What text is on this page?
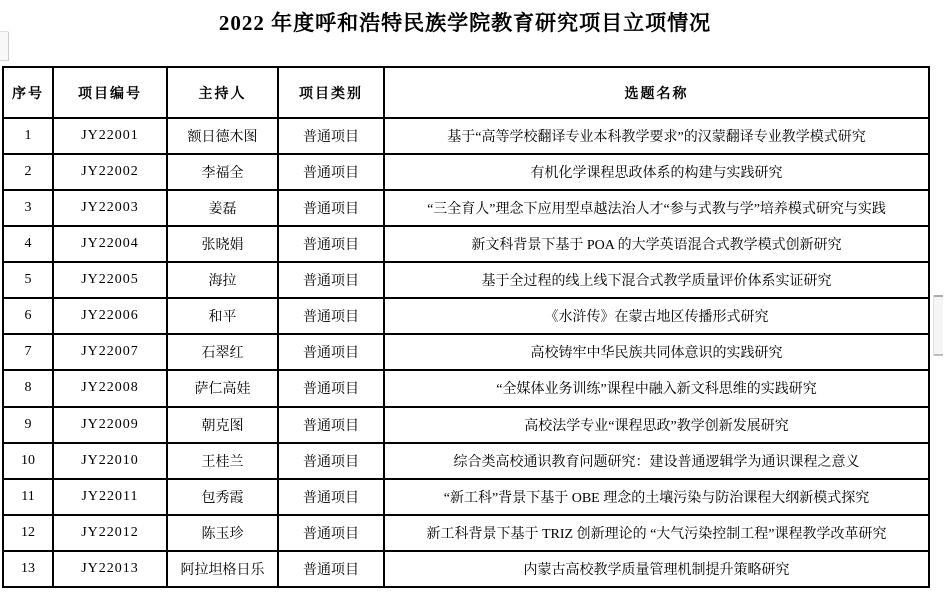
2022 年度呼和浩特民族学院教育研究项目立项情况
序号	项目编号	主持人	项目类别	选题名称
1	JY22001	额日德木图	普通项目	基于“高等学校翻译专业本科教学要求”的汉蒙翻译专业教学模式研究
2	JY22002	李福全	普通项目	有机化学课程思政体系的构建与实践研究
3	JY22003	姜磊	普通项目	“三全育人”理念下应用型卓越法治人才“参与式教与学”培养模式研究与实践
4	JY22004	张晓娟	普通项目	新文科背景下基于 POA 的大学英语混合式教学模式创新研究
5	JY22005	海拉	普通项目	基于全过程的线上线下混合式教学质量评价体系实证研究
6	JY22006	和平	普通项目	《水浒传》在蒙古地区传播形式研究
7	JY22007	石翠红	普通项目	高校铸牢中华民族共同体意识的实践研究
8	JY22008	萨仁高娃	普通项目	“全媒体业务训练”课程中融入新文科思维的实践研究
9	JY22009	朝克图	普通项目	高校法学专业“课程思政”教学创新发展研究
10	JY22010	王桂兰	普通项目	综合类高校通识教育问题研究：建设普通逻辑学为通识课程之意义
11	JY22011	包秀霞	普通项目	“新工科”背景下基于 OBE 理念的土壤污染与防治课程大纲新模式探究
12	JY22012	陈玉珍	普通项目	新工科背景下基于 TRIZ 创新理论的 “大气污染控制工程”课程教学改革研究
13	JY22013	阿拉坦格日乐	普通项目	内蒙古高校教学质量管理机制提升策略研究
